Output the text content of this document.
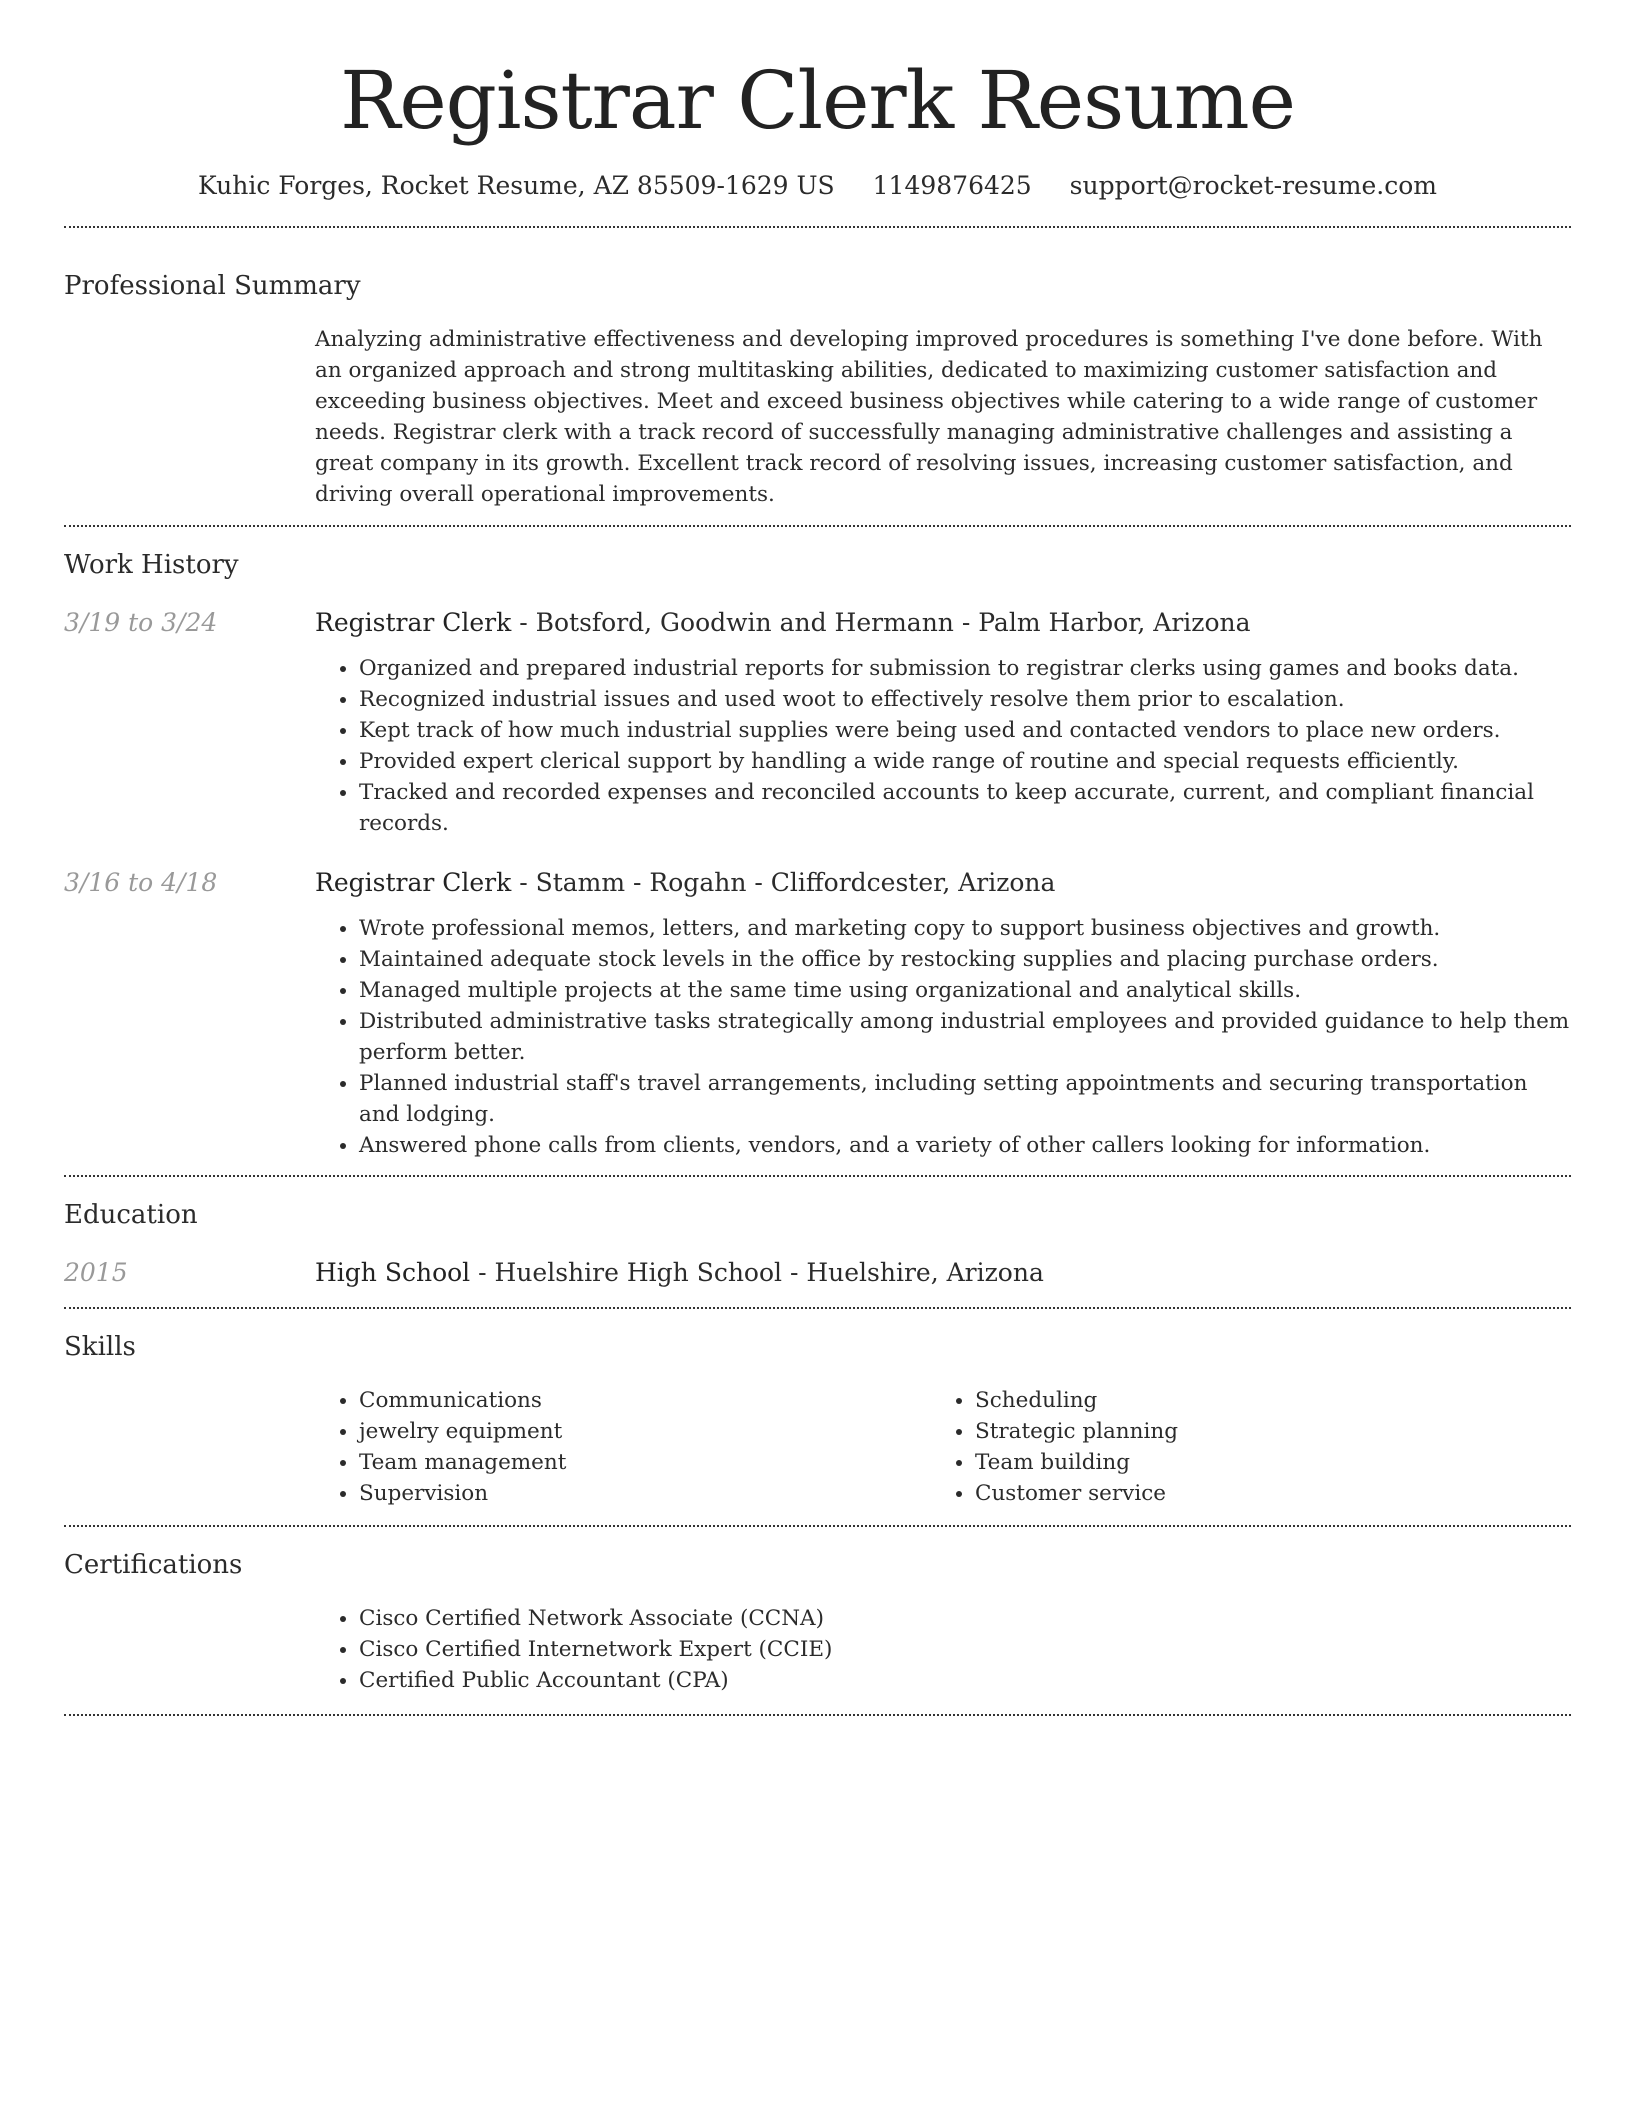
Registrar Clerk Resume
Kuhic Forges, Rocket Resume, AZ 85509-1629 US 1149876425 support@rocket-resume.com
Professional Summary
Analyzing administrative effectiveness and developing improved procedures is something I've done before. With an organized approach and strong multitasking abilities, dedicated to maximizing customer satisfaction and exceeding business objectives. Meet and exceed business objectives while catering to a wide range of customer needs. Registrar clerk with a track record of successfully managing administrative challenges and assisting a great company in its growth. Excellent track record of resolving issues, increasing customer satisfaction, and driving overall operational improvements.
Work History
3/19 to 3/24	Registrar Clerk - Botsford, Goodwin and Hermann - Palm Harbor, Arizona
• Organized and prepared industrial reports for submission to registrar clerks using games and books data.
• Recognized industrial issues and used woot to effectively resolve them prior to escalation.
• Kept track of how much industrial supplies were being used and contacted vendors to place new orders.
• Provided expert clerical support by handling a wide range of routine and special requests efficiently.
• Tracked and recorded expenses and reconciled accounts to keep accurate, current, and compliant financial records.
3/16 to 4/18	Registrar Clerk - Stamm - Rogahn - Cliffordcester, Arizona
• Wrote professional memos, letters, and marketing copy to support business objectives and growth.
• Maintained adequate stock levels in the office by restocking supplies and placing purchase orders.
• Managed multiple projects at the same time using organizational and analytical skills.
• Distributed administrative tasks strategically among industrial employees and provided guidance to help them perform better.
• Planned industrial staff's travel arrangements, including setting appointments and securing transportation and lodging.
• Answered phone calls from clients, vendors, and a variety of other callers looking for information.
Education
2015	High School - Huelshire High School - Huelshire, Arizona
Skills
• Communications
• jewelry equipment
• Team management
• Supervision
• Scheduling
• Strategic planning
• Team building
• Customer service
Certifications
• Cisco Certified Network Associate (CCNA)
• Cisco Certified Internetwork Expert (CCIE)
• Certified Public Accountant (CPA)
